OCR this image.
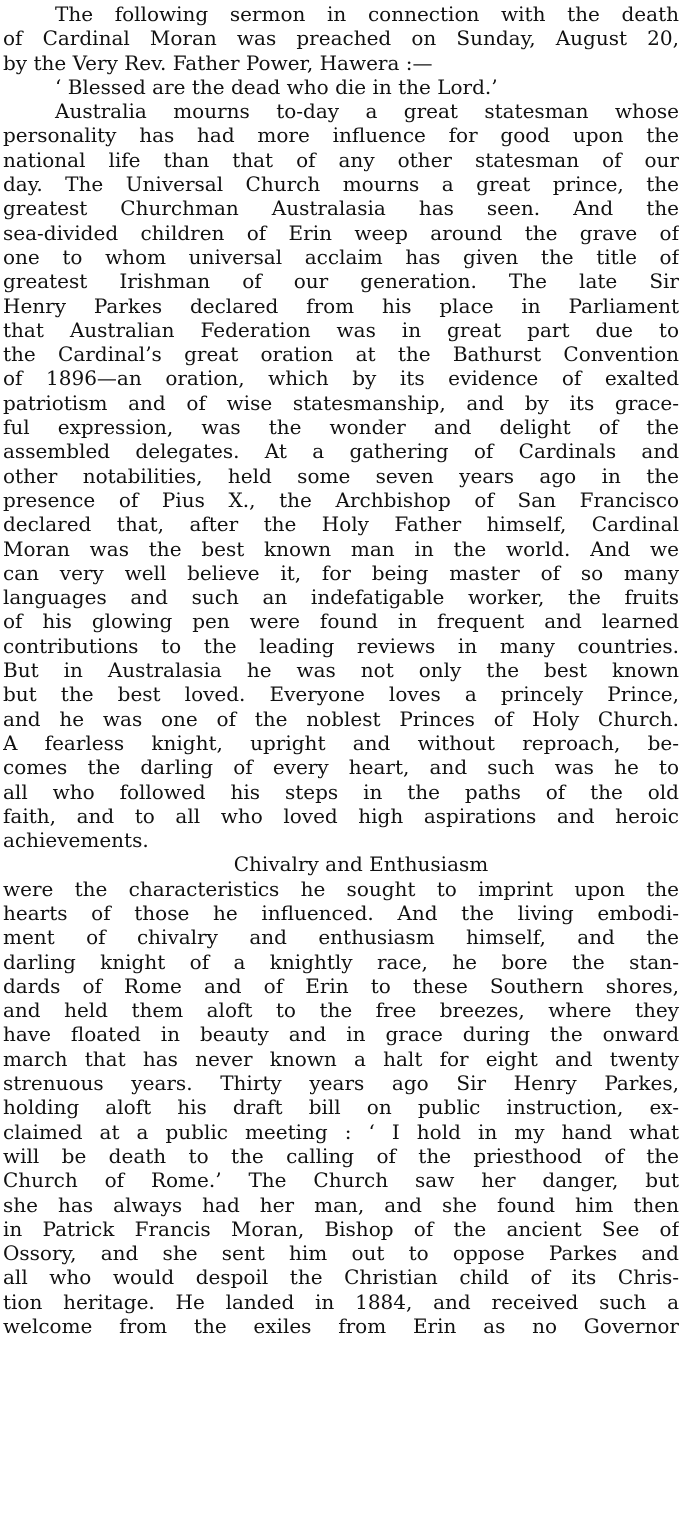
The following sermon in connection with the death
of Cardinal Moran was preached on Sunday, August 20,
by the Very Rev. Father Power, Hawera :—
‘ Blessed are the dead who die in the Lord.’
Australia mourns to-day a great statesman whose
personality has had more influence for good upon the
national life than that of any other statesman of our
day. The Universal Church mourns a great prince, the
greatest Churchman Australasia has seen. And the
sea-divided children of Erin weep around the grave of
one to whom universal acclaim has given the title of
greatest Irishman of our generation. The late Sir
Henry Parkes declared from his place in Parliament
that Australian Federation was in great part due to
the Cardinal’s great oration at the Bathurst Convention
of 1896—an oration, which by its evidence of exalted
patriotism and of wise statesmanship, and by its grace-
ful expression, was the wonder and delight of the
assembled delegates. At a gathering of Cardinals and
other notabilities, held some seven years ago in the
presence of Pius X., the Archbishop of San Francisco
declared that, after the Holy Father himself, Cardinal
Moran was the best known man in the world. And we
can very well believe it, for being master of so many
languages and such an indefatigable worker, the fruits
of his glowing pen were found in frequent and learned
contributions to the leading reviews in many countries.
But in Australasia he was not only the best known
but the best loved. Everyone loves a princely Prince,
and he was one of the noblest Princes of Holy Church.
A fearless knight, upright and without reproach, be-
comes the darling of every heart, and such was he to
all who followed his steps in the paths of the old
faith, and to all who loved high aspirations and heroic
achievements.
Chivalry and Enthusiasm
were the characteristics he sought to imprint upon the
hearts of those he influenced. And the living embodi-
ment of chivalry and enthusiasm himself, and the
darling knight of a knightly race, he bore the stan-
dards of Rome and of Erin to these Southern shores,
and held them aloft to the free breezes, where they
have floated in beauty and in grace during the onward
march that has never known a halt for eight and twenty
strenuous years. Thirty years ago Sir Henry Parkes,
holding aloft his draft bill on public instruction, ex-
claimed at a public meeting : ‘ I hold in my hand what
will be death to the calling of the priesthood of the
Church of Rome.’ The Church saw her danger, but
she has always had her man, and she found him then
in Patrick Francis Moran, Bishop of the ancient See of
Ossory, and she sent him out to oppose Parkes and
all who would despoil the Christian child of its Chris-
tion heritage. He landed in 1884, and received such a
welcome from the exiles from Erin as no Governor
